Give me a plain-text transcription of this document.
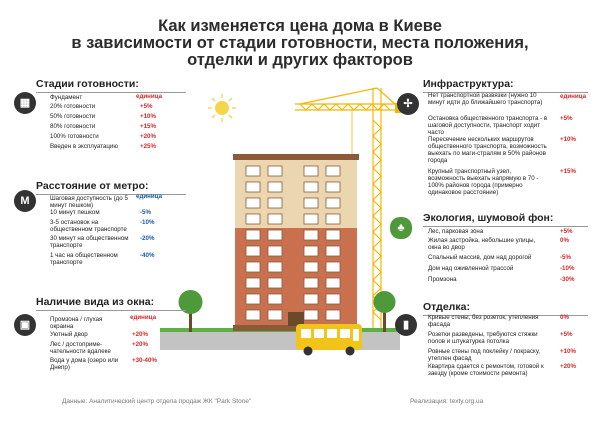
Как изменяется цена дома в Киеве
в зависимости от стадии готовности, места положения,
отделки и других факторов
Стадии готовности:
▦
единица
Фундамент
20% готовности	+5%
50% готовности	+10%
80% готовности	+15%
100% готовности	+20%
Введен в эксплуатацию	+25%
Расстояние от метро:
М	единица
Шаговая доступность (до 5 минут пешком)
10 минут пешком	-5%
3-5 остановок на общественном транспорте
-10%
30 минут на общественном транспорте
-20%
1 час на общественном транспорте
-40%
Наличие вида из окна:
▣
единица
Промзона / глухая окраина
Уютный двор	+20%
Лес / достоприме-чательности вдалеке
+20%
Вода у дома (озеро или Днепр)
+30-40%
Инфраструктура:
✢
единица
Нет транспортной развязки (нужно 10 минут идти до ближайшего транспорта)
Остановка общественного транспорта - в шаговой доступности, транспорт ходит часто
+5%
Пересечение нескольких маршрутов общественного транспорта, возможность выехать по маги-стралям в 50% районов города
+10%
Крупный транспортный узел, возможность выехать напрямую в 70 - 100% районов города (примерно одинаковое расстояние)
+15%
Экология, шумовой фон:
♣	Лес, парковая зона	+5%
Жилая застройка, небольшие улицы, окна во двор
0%
Спальный массив, дом над дорогой	-5%
Дом над оживленной трассой	-10%
Промзона	-30%
Отделка:
▮
Кривые стены, без розеток, утепления фасада
0%
Розетки разведены, требуются стяжки полов и штукатурка потолка
+5%
Ровные стены под поклейку / покраску, утеплен фасад
+10%
Квартира сдается с ремонтом, готовой к заезду (кроме стоимости ремонта)
+20%
Данные: Аналитический центр отдела продаж ЖК "Park Stone"	Реализация: texty.org.ua
